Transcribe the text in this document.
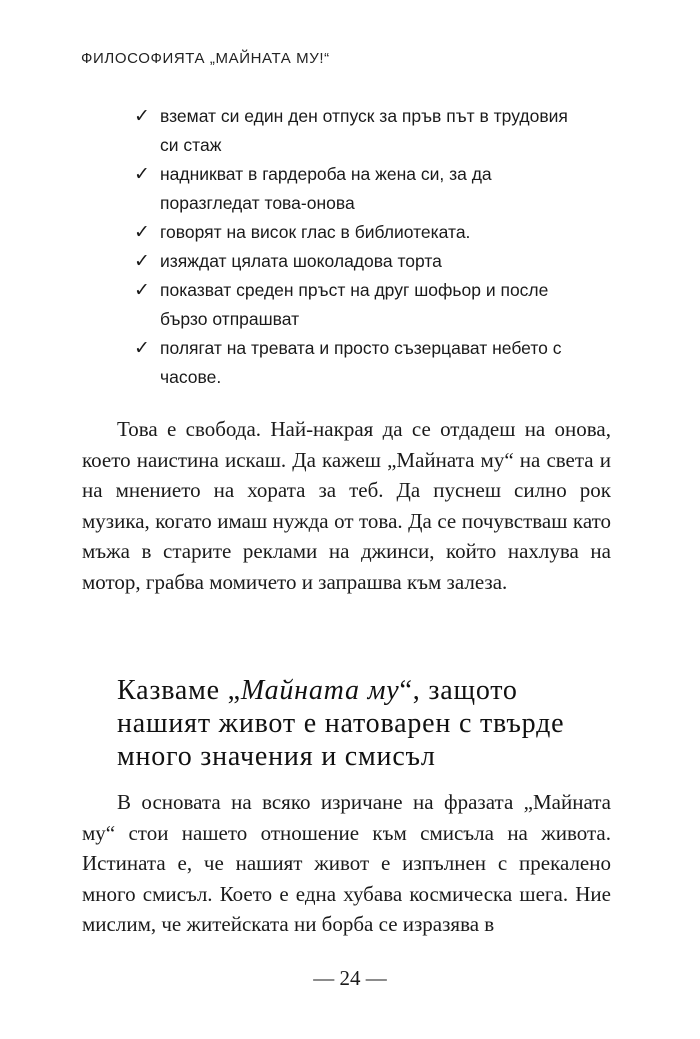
ФИЛОСОФИЯТА „МАЙНАТА МУ!“
✓ вземат си един ден отпуск за пръв път в трудовия си стаж
✓ надникват в гардероба на жена си, за да поразгледат това-онова
✓ говорят на висок глас в библиотеката.
✓ изяждат цялата шоколадова торта
✓ показват среден пръст на друг шофьор и после бързо отпрашват
✓ полягат на тревата и просто съзерцават небето с часове.

Това е свобода. Най-накрая да се отдадеш на онова, което наистина искаш. Да кажеш „Майната му“ на света и на мнението на хората за теб. Да пуснеш силно рок музика, когато имаш нужда от това. Да се почувстваш като мъжа в старите реклами на джинси, който нахлува на мотор, грабва момичето и запрашва към залеза.

Казваме „Майната му“, защото нашият живот е натоварен с твърде много значения и смисъл

В основата на всяко изричане на фразата „Майната му“ стои нашето отношение към смисъла на живота. Истината е, че нашият живот е изпълнен с прекалено много смисъл. Което е една хубава космическа шега. Ние мислим, че житейската ни борба се изразява в

— 24 —
